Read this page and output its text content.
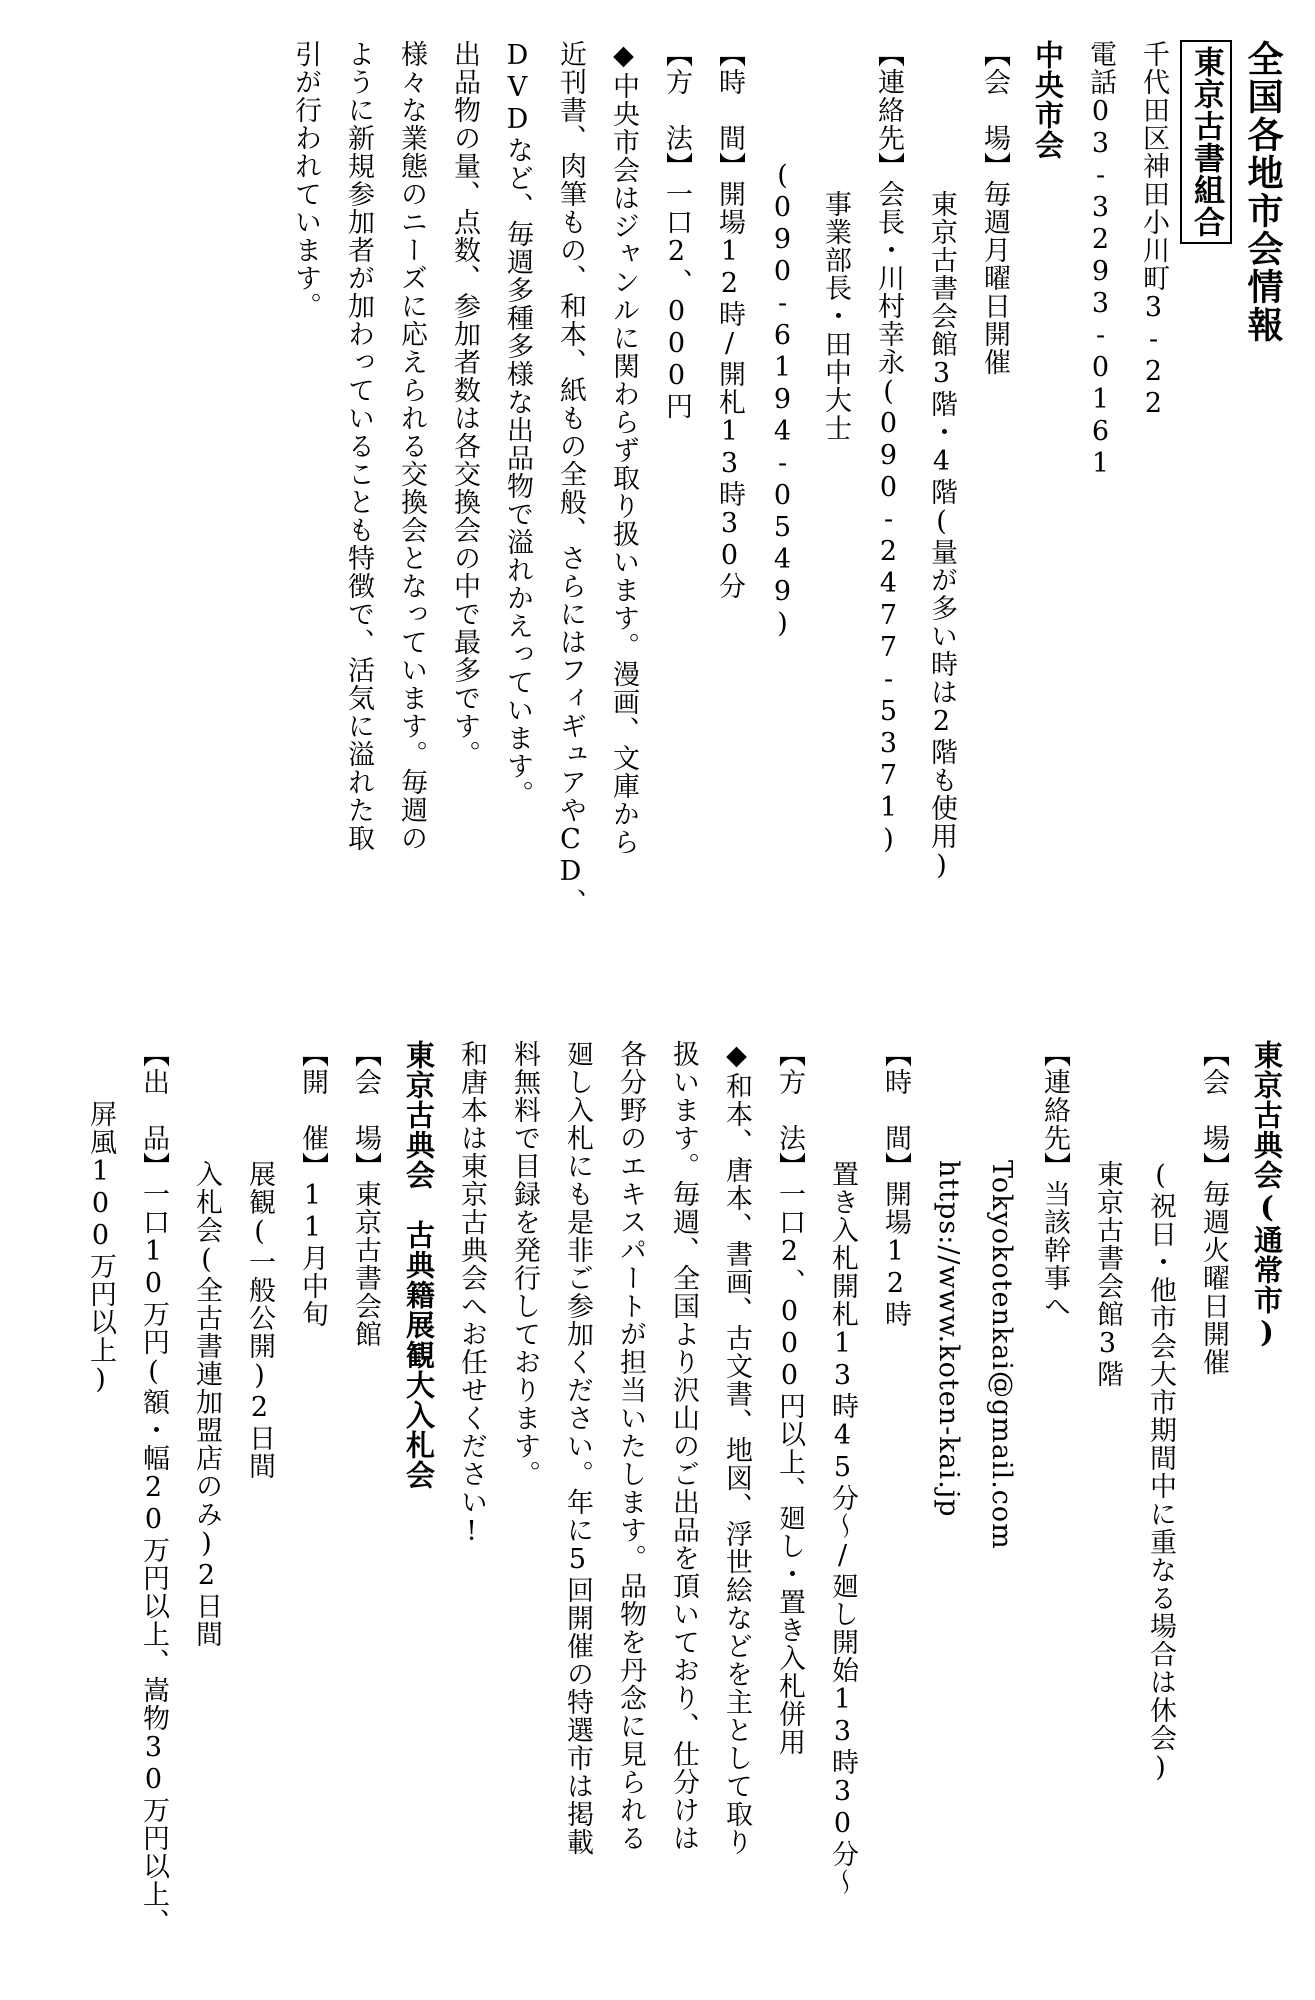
全国各地市会情報
東京古書組合
千代田区神田小川町3-22
電話03-3293-0161
中央市会
【会　場】毎週月曜日開催
東京古書会館3階・4階(量が多い時は2階も使用)
【連絡先】会長・川村幸永(090-2477-5371)
事業部長・田中大士
(090-6194-0549)
【時　間】開場12時/開札13時30分
【方　法】一口2、000円
◆中央市会はジャンルに関わらず取り扱います。漫画、文庫から
近刊書、肉筆もの、和本、紙もの全般、さらにはフィギュアやCD、
DVDなど、毎週多種多様な出品物で溢れかえっています。
出品物の量、点数、参加者数は各交換会の中で最多です。
様々な業態のニーズに応えられる交換会となっています。毎週の
ように新規参加者が加わっていることも特徴で、活気に溢れた取
引が行われています。
東京古典会(通常市)
【会　場】毎週火曜日開催
(祝日・他市会大市期間中に重なる場合は休会)
東京古書会館3階
【連絡先】当該幹事へ
Tokyokotenkai@gmail.com
https://www.koten-kai.jp
【時　間】開場12時
置き入札開札13時45分～/廻し開始13時30分～
【方　法】一口2、000円以上、廻し・置き入札併用
◆和本、唐本、書画、古文書、地図、浮世絵などを主として取り
扱います。毎週、全国より沢山のご出品を頂いており、仕分けは
各分野のエキスパートが担当いたします。品物を丹念に見られる
廻し入札にも是非ご参加ください。年に5回開催の特選市は掲載
料無料で目録を発行しております。
和唐本は東京古典会へお任せください!
東京古典会　古典籍展観大入札会
【会　場】東京古書会館
【開　催】11月中旬
展観(一般公開)2日間
入札会(全古書連加盟店のみ)2日間
【出　品】一口10万円(額・幅20万円以上、嵩物30万円以上、
屏風100万円以上)
